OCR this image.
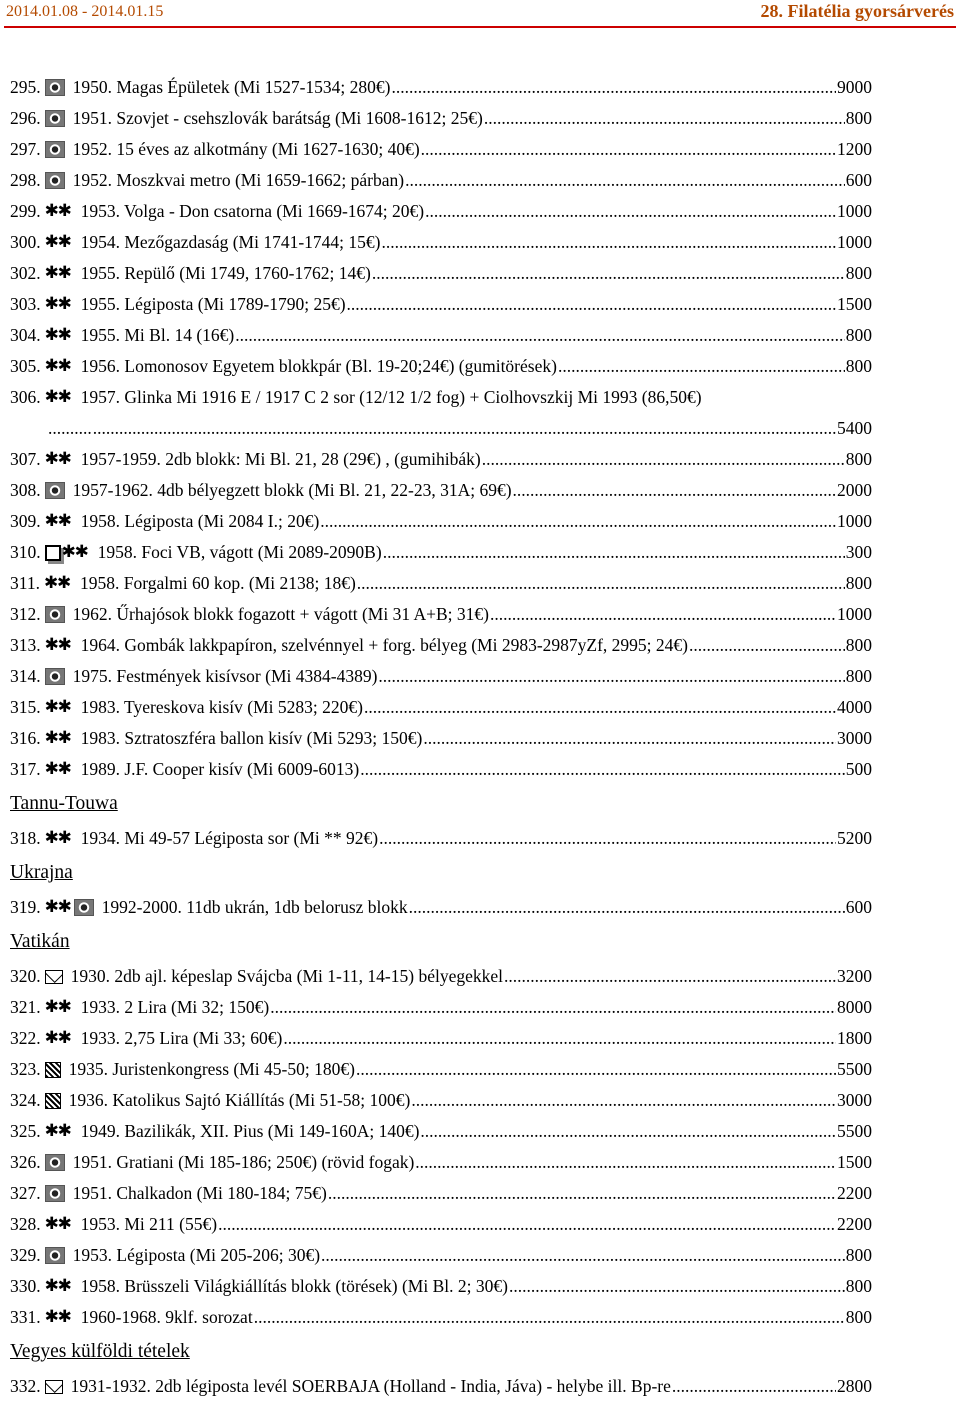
2014.01.08 - 2014.01.15	28. Filatélia gyorsárverés
295. 1950. Magas Épületek (Mi 1527-1534; 280€) .....	9000
296. 1951. Szovjet - csehszlovák barátság (Mi 1608-1612; 25€) .....	800
297. 1952. 15 éves az alkotmány (Mi 1627-1630; 40€) .....	1200
298. 1952. Moszkvai metro (Mi 1659-1662; párban) .....	600
299. ✱ ✱ 1953. Volga - Don csatorna (Mi 1669-1674; 20€) .....	1000
300. ✱ ✱ 1954. Mezőgazdaság (Mi 1741-1744; 15€) .....	1000
302. ✱ ✱ 1955. Repülő (Mi 1749, 1760-1762; 14€) .....	800
303. ✱ ✱ 1955. Légiposta (Mi 1789-1790; 25€) .....	1500
304. ✱ ✱ 1955. Mi Bl. 14 (16€) .....	800
305. ✱ ✱ 1956. Lomonosov Egyetem blokkpár (Bl. 19-20;24€) (gumitörések) .....	800
306. ✱ ✱ 1957. Glinka Mi 1916 E / 1917 C 2 sor (12/12 1/2 fog) + Ciolhovszkij Mi 1993 (86,50€)
.......... .....	5400
307. ✱ ✱ 1957-1959. 2db blokk: Mi Bl. 21, 28 (29€) , (gumihibák) .....	800
308. 1957-1962. 4db bélyegzett blokk (Mi Bl. 21, 22-23, 31A; 69€) .....	2000
309. ✱ ✱ 1958. Légiposta (Mi 2084 I.; 20€) .....	1000
310. ✱ ✱	1958. Foci VB, vágott (Mi 2089-2090B) .....	300
311. ✱ ✱ 1958. Forgalmi 60 kop. (Mi 2138; 18€) .....	800
312. 1962. Űrhajósok blokk fogazott + vágott (Mi 31 A+B; 31€) .....	1000
313. ✱ ✱ 1964. Gombák lakkpapíron, szelvénnyel + forg. bélyeg (Mi 2983-2987yZf, 2995; 24€) .....	800
314. 1975. Festmények kisívsor (Mi 4384-4389) .....	800
315. ✱ ✱ 1983. Tyereskova kisív (Mi 5283; 220€) .....	4000
316. ✱ ✱ 1983. Sztratoszféra ballon kisív (Mi 5293; 150€) .....	3000
317. ✱ ✱ 1989. J.F. Cooper kisív (Mi 6009-6013) .....	500
Tannu-Touwa
318. ✱ ✱ 1934. Mi 49-57 Légiposta sor (Mi ** 92€) .....	5200
Ukrajna
319. ✱ ✱	1992-2000. 11db ukrán, 1db belorusz blokk .....	600
Vatikán
320. 1930. 2db ajl. képeslap Svájcba (Mi 1-11, 14-15) bélyegekkel .....	3200
321. ✱ ✱ 1933. 2 Lira (Mi 32; 150€) .....	8000
322. ✱ ✱ 1933. 2,75 Lira (Mi 33; 60€) .....	1800
323. 1935. Juristenkongress (Mi 45-50; 180€) .....	5500
324. 1936. Katolikus Sajtó Kiállítás (Mi 51-58; 100€) .....	3000
325. ✱ ✱ 1949. Bazilikák, XII. Pius (Mi 149-160A; 140€) .....	5500
326. 1951. Gratiani (Mi 185-186; 250€) (rövid fogak) .....	1500
327. 1951. Chalkadon (Mi 180-184; 75€) .....	2200
328. ✱ ✱ 1953. Mi 211 (55€) .....	2200
329. 1953. Légiposta (Mi 205-206; 30€) .....	800
330. ✱ ✱ 1958. Brüsszeli Világkiállítás blokk (törések) (Mi Bl. 2; 30€) .....	800
331. ✱ ✱ 1960-1968. 9klf. sorozat .....	800
Vegyes külföldi tételek
332. 1931-1932. 2db légiposta levél SOERBAJA (Holland - India, Jáva) - helybe ill. Bp-re .....	2800
